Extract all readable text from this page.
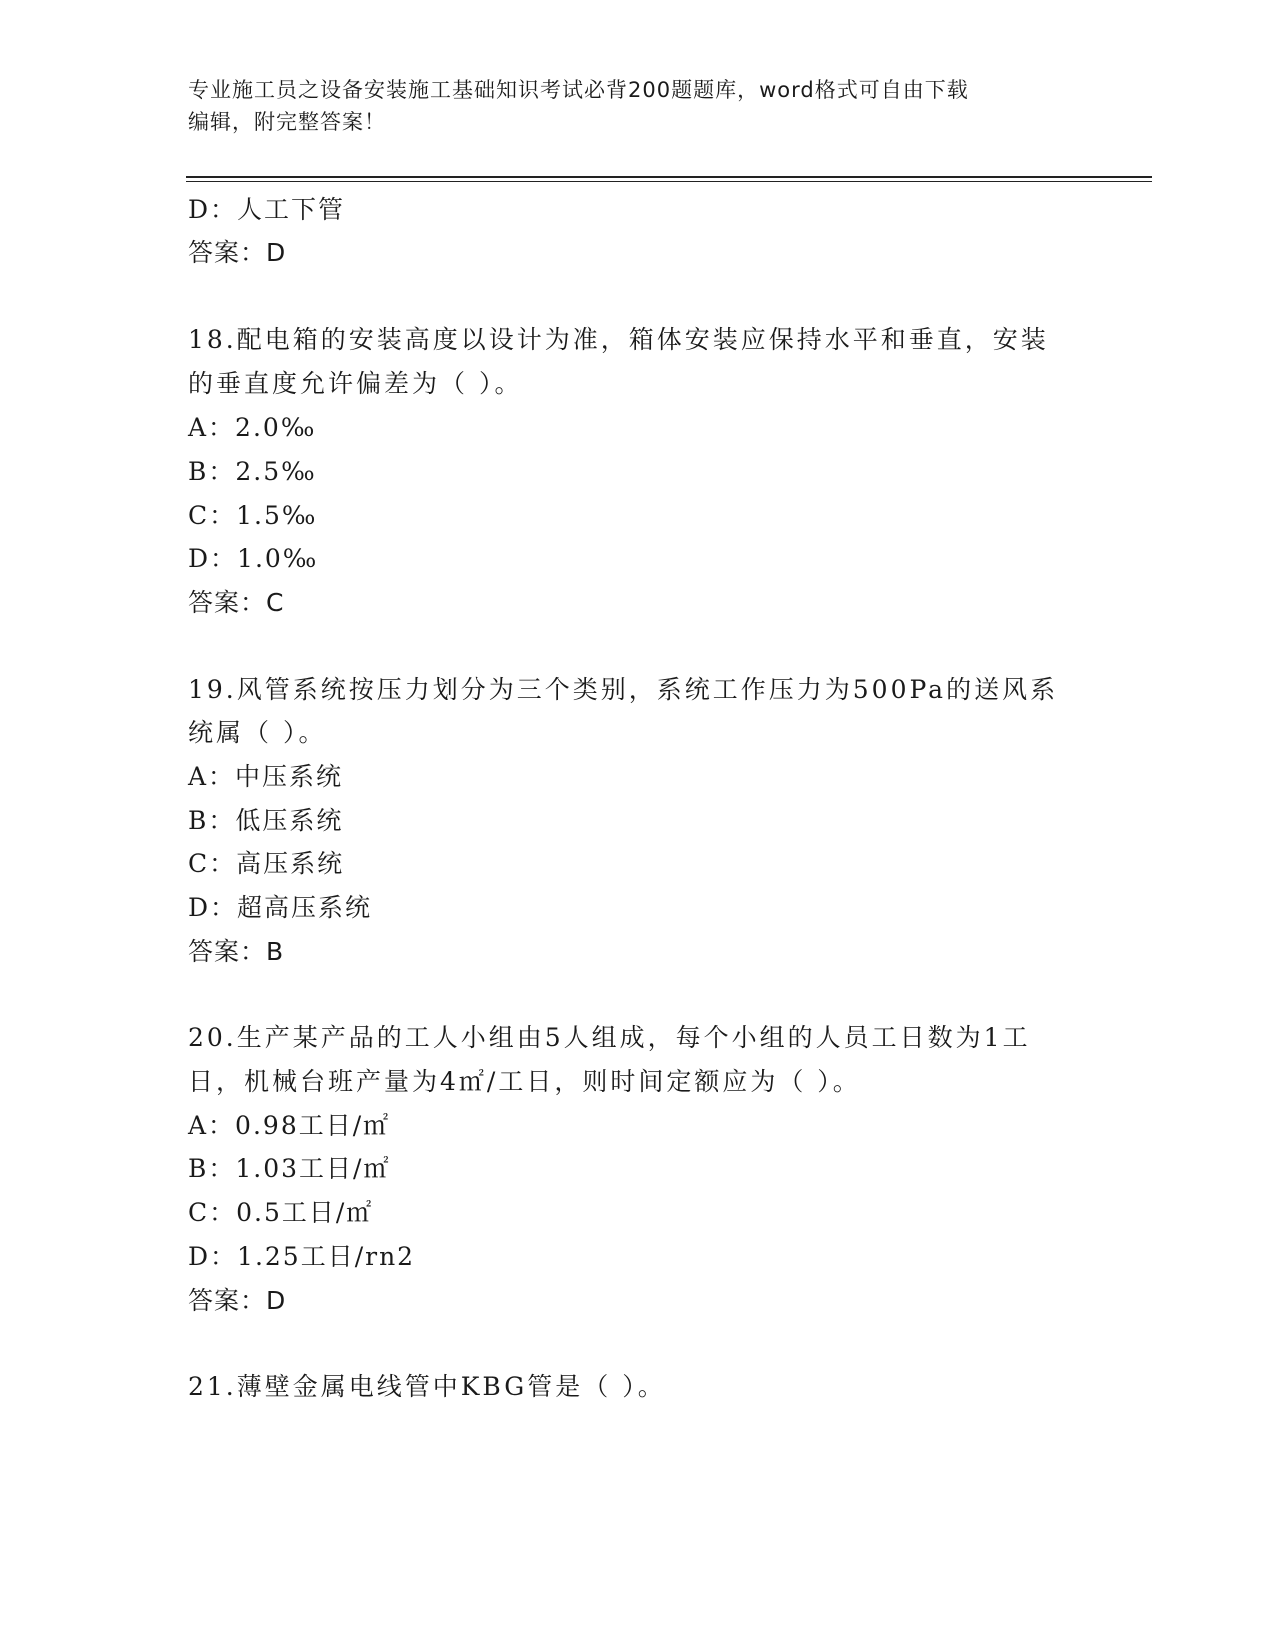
专业施工员之设备安装施工基础知识考试必背200题题库，word格式可自由下载
编辑，附完整答案！
D：人工下管
答案：D
18.配电箱的安装高度以设计为准，箱体安装应保持水平和垂直，安装
的垂直度允许偏差为（ ）。
A：2.0‰
B：2.5‰
C：1.5‰
D：1.0‰
答案：C
19.风管系统按压力划分为三个类别，系统工作压力为500Pa的送风系
统属（ ）。
A：中压系统
B：低压系统
C：高压系统
D：超高压系统
答案：B
20.生产某产品的工人小组由5人组成，每个小组的人员工日数为1工
日，机械台班产量为4㎡/工日，则时间定额应为（ ）。
A：0.98工日/㎡
B：1.03工日/㎡
C：0.5工日/㎡
D：1.25工日/rn2
答案：D
21.薄壁金属电线管中KBG管是（ ）。
